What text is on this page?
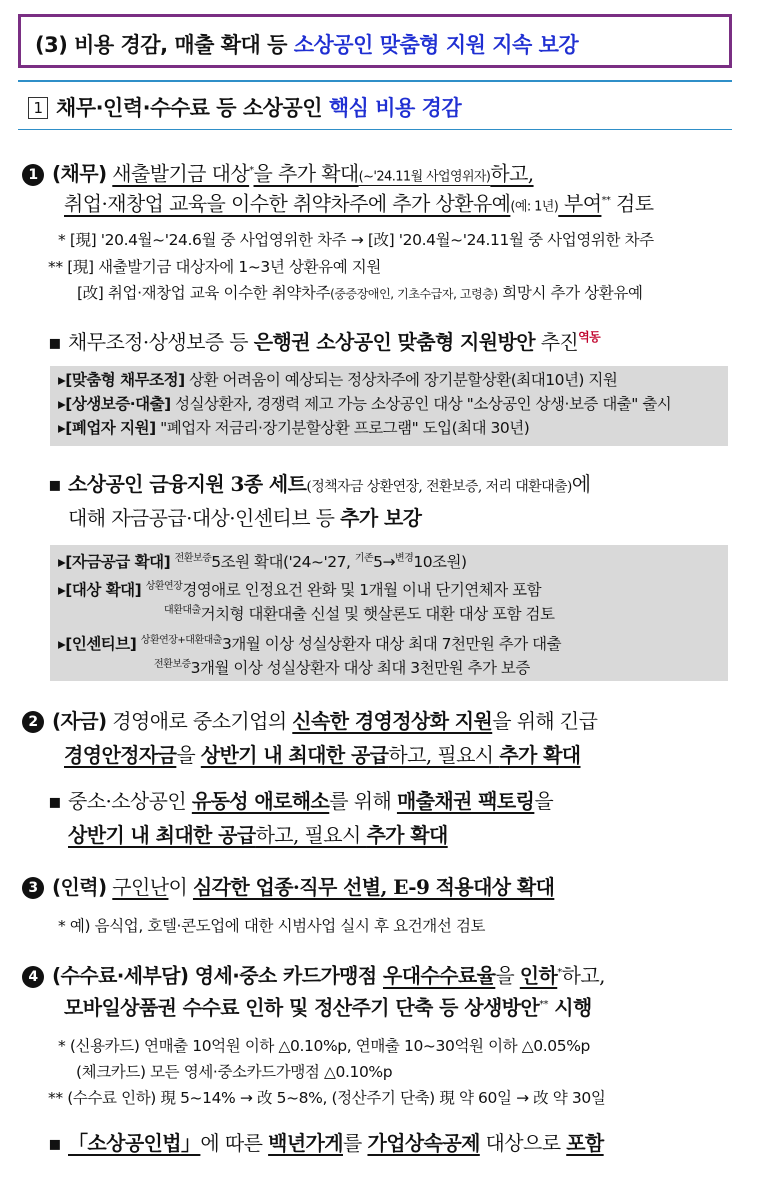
(3) 비용 경감, 매출 확대 등 소상공인 맞춤형 지원 지속 보강
1 채무·인력·수수료 등 소상공인 핵심 비용 경감
1 (채무) 새출발기금 대상*을 추가 확대(~'24.11월 사업영위자)하고,
취업·재창업 교육을 이수한 취약차주에 추가 상환유예(예: 1년) 부여** 검토
* [現] '20.4월~'24.6월 중 사업영위한 차주 → [改] '20.4월~'24.11월 중 사업영위한 차주
** [現] 새출발기금 대상자에 1~3년 상환유예 지원
[改] 취업·재창업 교육 이수한 취약차주(중증장애인, 기초수급자, 고령층) 희망시 추가 상환유예
▪ 채무조정·상생보증 등 은행권 소상공인 맞춤형 지원방안 추진$^{역동}$
▸[맞춤형 채무조정] 상환 어려움이 예상되는 정상차주에 장기분할상환(최대10년) 지원
▸[상생보증·대출] 성실상환자, 경쟁력 제고 가능 소상공인 대상 "소상공인 상생·보증 대출" 출시
▸[폐업자 지원] "폐업자 저금리·장기분할상환 프로그램" 도입(최대 30년)
▪ 소상공인 금융지원 3종 세트(정책자금 상환연장, 전환보증, 저리 대환대출)에
대해 자금공급·대상·인센티브 등 추가 보강
▸[자금공급 확대] $^{전환보증}$5조원 확대('24~'27, $^{기존}$5→$^{변경}$10조원)
▸[대상 확대] $^{상환연장}$경영애로 인정요건 완화 및 1개월 이내 단기연체자 포함
$^{대환대출}$거치형 대환대출 신설 및 햇살론도 대환 대상 포함 검토
▸[인센티브] $^{상환연장+대환대출}$3개월 이상 성실상환자 대상 최대 7천만원 추가 대출
$^{전환보증}$3개월 이상 성실상환자 대상 최대 3천만원 추가 보증
2 (자금) 경영애로 중소기업의 신속한 경영정상화 지원을 위해 긴급
경영안정자금을 상반기 내 최대한 공급하고, 필요시 추가 확대
▪ 중소·소상공인 유동성 애로해소를 위해 매출채권 팩토링을
상반기 내 최대한 공급하고, 필요시 추가 확대
3 (인력) 구인난이 심각한 업종·직무 선별, E-9 적용대상 확대
* 예) 음식업, 호텔·콘도업에 대한 시범사업 실시 후 요건개선 검토
4 (수수료·세부담) 영세·중소 카드가맹점 우대수수료율을 인하*하고,
모바일상품권 수수료 인하 및 정산주기 단축 등 상생방안** 시행
* (신용카드) 연매출 10억원 이하 △0.10%p, 연매출 10~30억원 이하 △0.05%p
(체크카드) 모든 영세·중소카드가맹점 △0.10%p
** (수수료 인하) 現 5~14% → 改 5~8%, (정산주기 단축) 現 약 60일 → 改 약 30일
▪ 「소상공인법」에 따른 백년가게를 가업상속공제 대상으로 포함
